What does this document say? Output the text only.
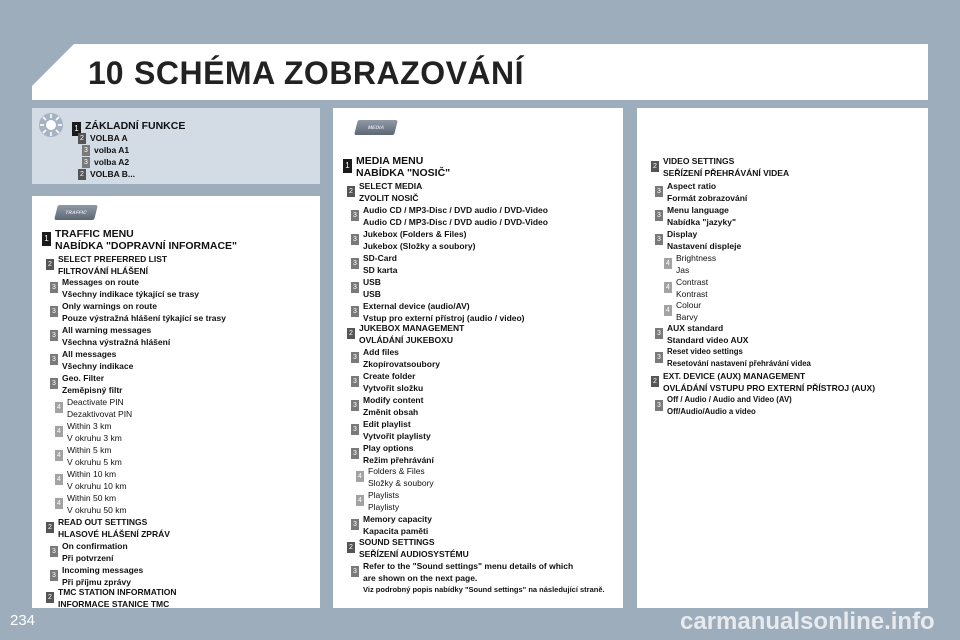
10 SCHÉMA ZOBRAZOVÁNÍ
TRAFFIC
MEDIA
1 ZÁKLADNÍ FUNKCE
2 VOLBA A
3 volba A1
3 volba A2
2 VOLBA B...
1 TRAFFIC MENU
NABÍDKA "DOPRAVNÍ INFORMACE"
2
SELECT PREFERRED LIST
FILTROVÁNÍ HLÁŠENÍ
3
Messages on route
Všechny indikace týkající se trasy
3
Only warnings on route
Pouze výstražná hlášení týkající se trasy
3
All warning messages
Všechna výstražná hlášení
3
All messages
Všechny indikace
3
Geo. Filter
Zeměpisný filtr
4
Deactivate PIN
Dezaktivovat PIN
4
Within 3 km
V okruhu 3 km
4
Within 5 km
V okruhu 5 km
4
Within 10 km
V okruhu 10 km
4
Within 50 km
V okruhu 50 km
2
READ OUT SETTINGS
HLASOVÉ HLÁŠENÍ ZPRÁV
3
On confirmation
Při potvrzení
3
Incoming messages
Při příjmu zprávy
2
TMC STATION INFORMATION
INFORMACE STANICE TMC
1 MEDIA MENU
NABÍDKA "NOSIČ"
2
SELECT MEDIA
ZVOLIT NOSIČ
3
Audio CD / MP3-Disc / DVD audio / DVD-Video
Audio CD / MP3-Disc / DVD audio / DVD-Video
3
Jukebox (Folders & Files)
Jukebox (Složky a soubory)
3
SD-Card
SD karta
3
USB
USB
3
External device (audio/AV)
Vstup pro externí přístroj (audio / video)
2
JUKEBOX MANAGEMENT
OVLÁDÁNÍ JUKEBOXU
3
Add files
Zkopírovatsoubory
3
Create folder
Vytvořit složku
3
Modify content
Změnit obsah
3
Edit playlist
Vytvořit playlisty
3
Play options
Režim přehrávání
4
Folders & Files
Složky & soubory
4
Playlists
Playlisty
3
Memory capacity
Kapacita paměti
2
SOUND SETTINGS
SEŘÍZENÍ AUDIOSYSTÉMU
3
Refer to the "Sound settings" menu details of which
are shown on the next page.
Viz podrobný popis nabídky "Sound settings" na následující straně.
2
VIDEO SETTINGS
SEŘÍZENÍ PŘEHRÁVÁNÍ VIDEA
3
Aspect ratio
Formát zobrazování
3
Menu language
Nabídka "jazyky"
3
Display
Nastavení displeje
4
Brightness
Jas
4
Contrast
Kontrast
4
Colour
Barvy
3
AUX standard
Standard video AUX
3
Reset video settings
Resetování nastavení přehrávání videa
2
EXT. DEVICE (AUX) MANAGEMENT
OVLÁDÁNÍ VSTUPU PRO EXTERNÍ PŘÍSTROJ (AUX)
3
Off / Audio / Audio and Video (AV)
Off/Audio/Audio a video
234	carmanualsonline.info
